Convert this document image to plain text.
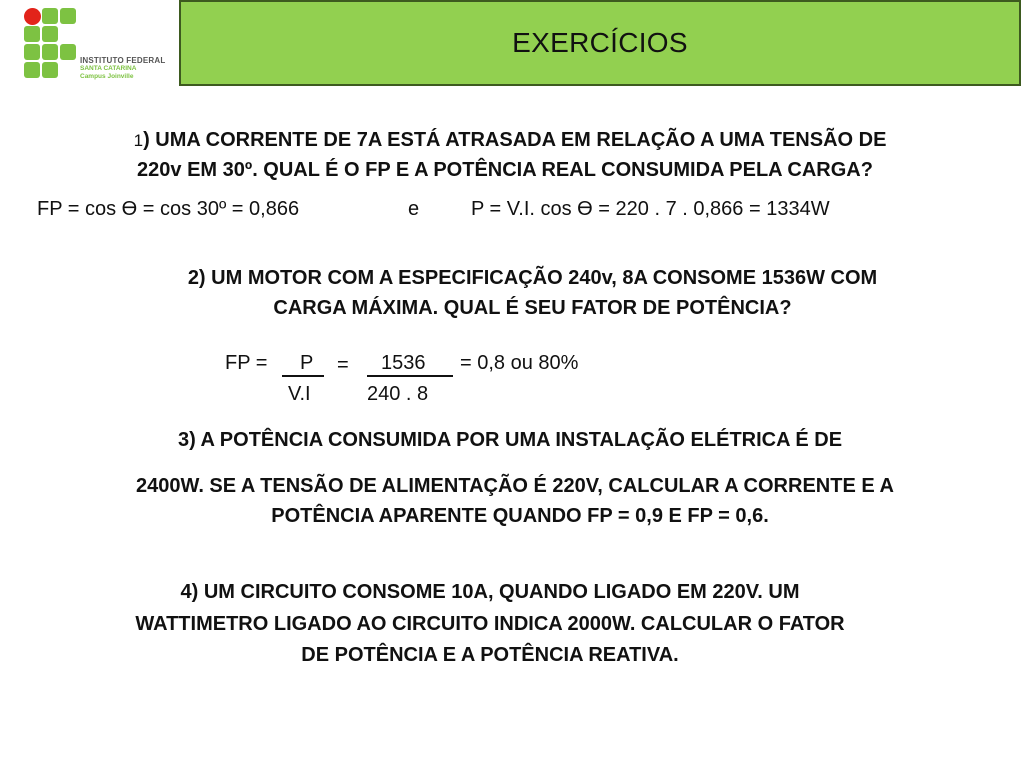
INSTITUTO FEDERAL
SANTA CATARINA
Campus Joinville
EXERCÍCIOS
1) UMA CORRENTE DE 7A ESTÁ ATRASADA EM RELAÇÃO A UMA TENSÃO DE
220v EM 30º. QUAL É O FP E A POTÊNCIA REAL CONSUMIDA PELA CARGA?
FP = cos Ɵ = cos 30º = 0,866	e	P = V.I. cos Ɵ = 220 . 7 . 0,866 = 1334W
2) UM MOTOR COM A ESPECIFICAÇÃO 240v, 8A CONSOME 1536W COM
CARGA MÁXIMA. QUAL É SEU FATOR DE POTÊNCIA?
FP = P
V.I
= 1536
240 . 8
= 0,8 ou 80%
3) A POTÊNCIA CONSUMIDA POR UMA INSTALAÇÃO ELÉTRICA É DE
2400W. SE A TENSÃO DE ALIMENTAÇÃO É 220V, CALCULAR A CORRENTE E A
POTÊNCIA APARENTE QUANDO FP = 0,9 E FP = 0,6.
4) UM CIRCUITO CONSOME 10A, QUANDO LIGADO EM 220V. UM
WATTIMETRO LIGADO AO CIRCUITO INDICA 2000W. CALCULAR O FATOR
DE POTÊNCIA E A POTÊNCIA REATIVA.
